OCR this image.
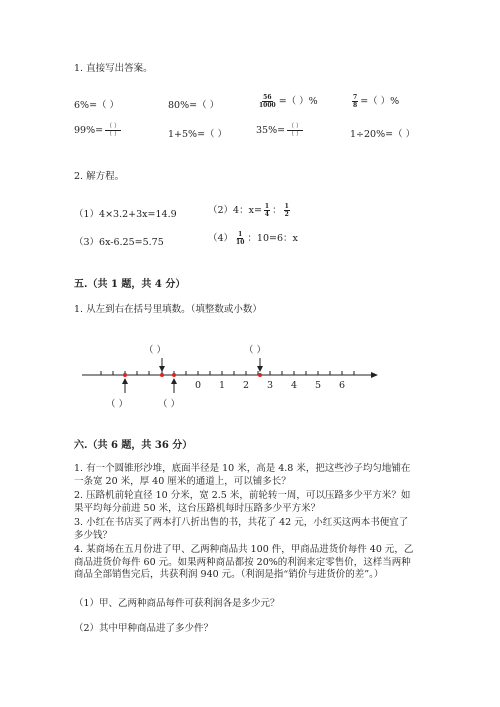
1. 直接写出答案。
6%=（ ）	80%=（ ）	$\frac{56}{1000}$ =（ ）%	$\frac{7}{8}$ =（ ）%
$99\%= \frac{( )}{( )}$	1+5%=（ ）	$35\%= \frac{( )}{( )}$	1÷20%=（ ）
2. 解方程。
（1）4×3.2+3x=14.9	（2）4：$x= \frac{1}{4}$ ： $\frac{1}{2}$
（3）6x-6.25=5.75	$(4) \frac{1}{10}$ ：10=6：x
五.（共 1 题，共 4 分）
1. 从左到右在括号里填数。（填整数或小数）
（ ）	（ ）
（ ）	（ ）
0 1 2 3 4 5 6
六.（共 6 题，共 36 分）
1. 有一个圆锥形沙堆，底面半径是 10 米，高是 4.8 米，把这些沙子均匀地铺在
一条宽 20 米，厚 40 厘米的通道上，可以铺多长？
2. 压路机前轮直径 10 分米，宽 2.5 米，前轮转一周，可以压路多少平方米？如
果平均每分前进 50 米，这台压路机每时压路多少平方米？
3. 小红在书店买了两本打八折出售的书，共花了 42 元，小红买这两本书便宜了
多少钱？
4. 某商场在五月份进了甲、乙两种商品共 100 件，甲商品进货价每件 40 元，乙
商品进货价每件 60 元。如果两种商品都按 20%的利润来定零售价，这样当两种
商品全部销售完后，共获利润 940 元。（利润是指“销价与进货价的差”。）
（1）甲、乙两种商品每件可获利润各是多少元？
（2）其中甲种商品进了多少件？
